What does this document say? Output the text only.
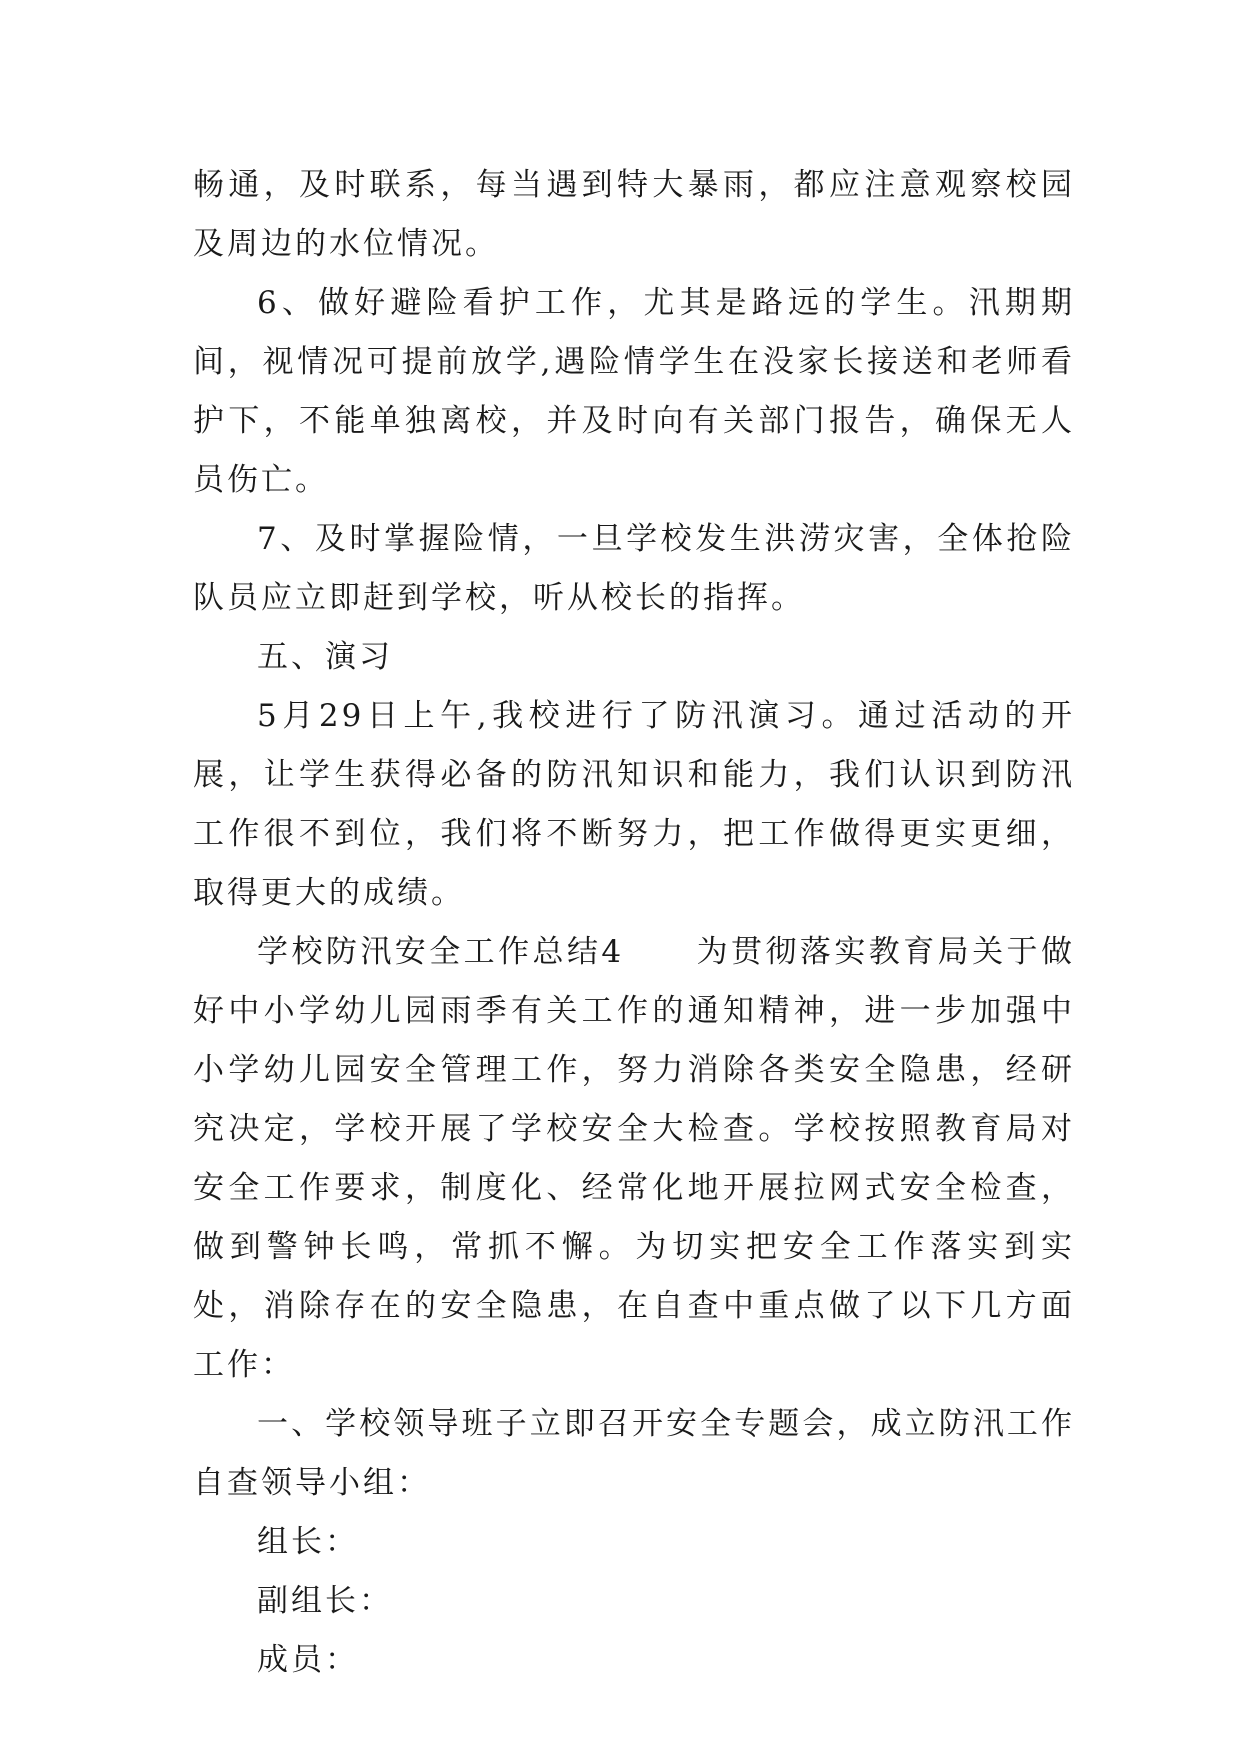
畅通，及时联系，每当遇到特大暴雨，都应注意观察校园及周边的水位情况。

6、做好避险看护工作，尤其是路远的学生。汛期期间，视情况可提前放学,遇险情学生在没家长接送和老师看护下，不能单独离校，并及时向有关部门报告，确保无人员伤亡。

7、及时掌握险情，一旦学校发生洪涝灾害，全体抢险队员应立即赶到学校，听从校长的指挥。

五、演习

5月29日上午,我校进行了防汛演习。通过活动的开展，让学生获得必备的防汛知识和能力，我们认识到防汛工作很不到位，我们将不断努力，把工作做得更实更细，取得更大的成绩。

学校防汛安全工作总结4 为贯彻落实教育局关于做好中小学幼儿园雨季有关工作的通知精神，进一步加强中小学幼儿园安全管理工作，努力消除各类安全隐患，经研究决定，学校开展了学校安全大检查。学校按照教育局对安全工作要求，制度化、经常化地开展拉网式安全检查，做到警钟长鸣，常抓不懈。为切实把安全工作落实到实处，消除存在的安全隐患，在自查中重点做了以下几方面工作：

一、学校领导班子立即召开安全专题会，成立防汛工作自查领导小组：

组长：

副组长：

成员：
